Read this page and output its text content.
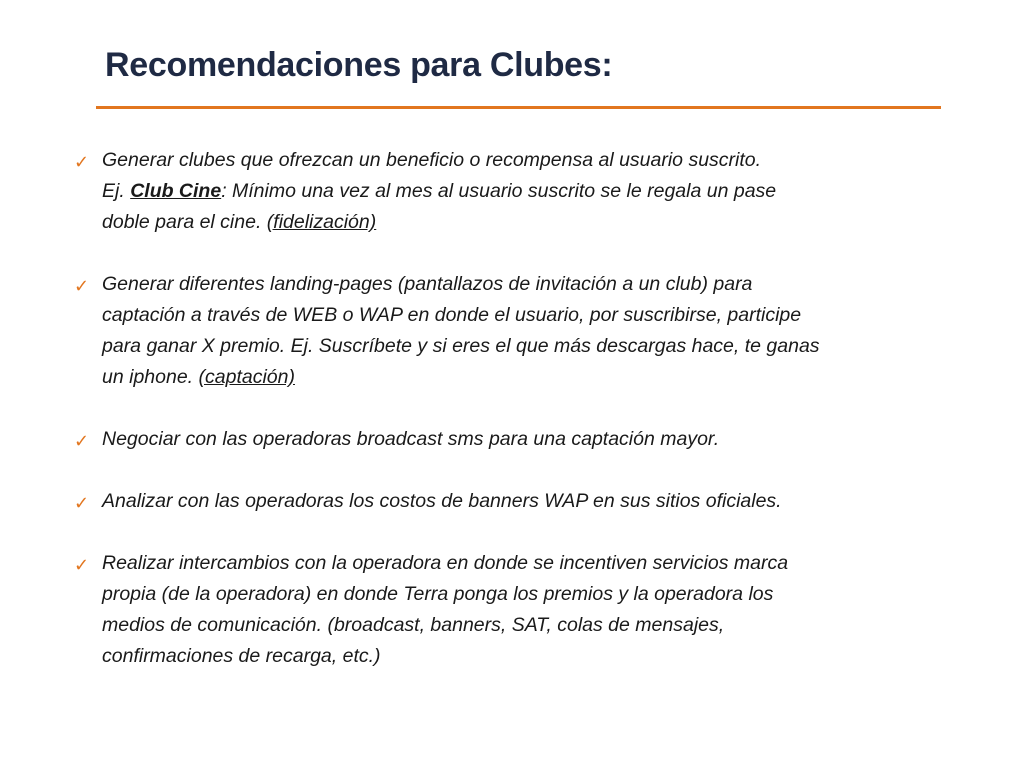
Recomendaciones para Clubes:
✓ Generar clubes que ofrezcan un beneficio o recompensa al usuario suscrito.
Ej. Club Cine: Mínimo una vez al mes al usuario suscrito se le regala un pase
doble para el cine. (fidelización)
✓ Generar diferentes landing-pages (pantallazos de invitación a un club) para
captación a través de WEB o WAP en donde el usuario, por suscribirse, participe
para ganar X premio. Ej. Suscríbete y si eres el que más descargas hace, te ganas
un iphone. (captación)
✓ Negociar con las operadoras broadcast sms para una captación mayor.
✓ Analizar con las operadoras los costos de banners WAP en sus sitios oficiales.
✓ Realizar intercambios con la operadora en donde se incentiven servicios marca
propia (de la operadora) en donde Terra ponga los premios y la operadora los
medios de comunicación. (broadcast, banners, SAT, colas de mensajes,
confirmaciones de recarga, etc.)
